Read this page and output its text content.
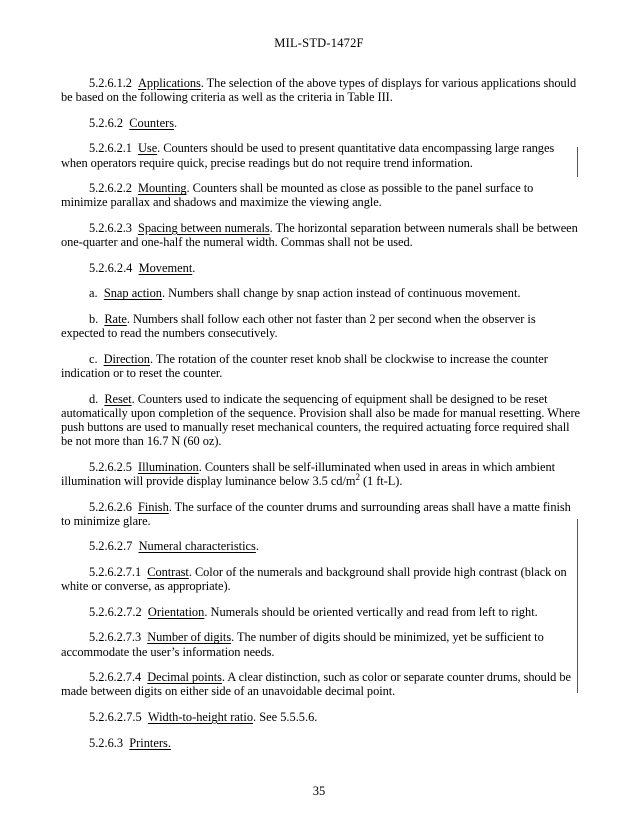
MIL-STD-1472F

5.2.6.1.2 Applications. The selection of the above types of displays for various applications should be based on the following criteria as well as the criteria in Table III.

5.2.6.2 Counters.

5.2.6.2.1 Use. Counters should be used to present quantitative data encompassing large ranges when operators require quick, precise readings but do not require trend information.

5.2.6.2.2 Mounting. Counters shall be mounted as close as possible to the panel surface to minimize parallax and shadows and maximize the viewing angle.

5.2.6.2.3 Spacing between numerals. The horizontal separation between numerals shall be between one-quarter and one-half the numeral width. Commas shall not be used.

5.2.6.2.4 Movement.

a. Snap action. Numbers shall change by snap action instead of continuous movement.

b. Rate. Numbers shall follow each other not faster than 2 per second when the observer is expected to read the numbers consecutively.

c. Direction. The rotation of the counter reset knob shall be clockwise to increase the counter indication or to reset the counter.

d. Reset. Counters used to indicate the sequencing of equipment shall be designed to be reset automatically upon completion of the sequence. Provision shall also be made for manual resetting. Where push buttons are used to manually reset mechanical counters, the required actuating force required shall be not more than 16.7 N (60 oz).

5.2.6.2.5 Illumination. Counters shall be self-illuminated when used in areas in which ambient illumination will provide display luminance below 3.5 $cd/m^2$ (1 ft-L).

5.2.6.2.6 Finish. The surface of the counter drums and surrounding areas shall have a matte finish to minimize glare.

5.2.6.2.7 Numeral characteristics.

5.2.6.2.7.1 Contrast. Color of the numerals and background shall provide high contrast (black on white or converse, as appropriate).

5.2.6.2.7.2 Orientation. Numerals should be oriented vertically and read from left to right.

5.2.6.2.7.3 Number of digits. The number of digits should be minimized, yet be sufficient to accommodate the user’s information needs.

5.2.6.2.7.4 Decimal points. A clear distinction, such as color or separate counter drums, should be made between digits on either side of an unavoidable decimal point.

5.2.6.2.7.5 Width-to-height ratio. See 5.5.5.6.

5.2.6.3 Printers.

35
